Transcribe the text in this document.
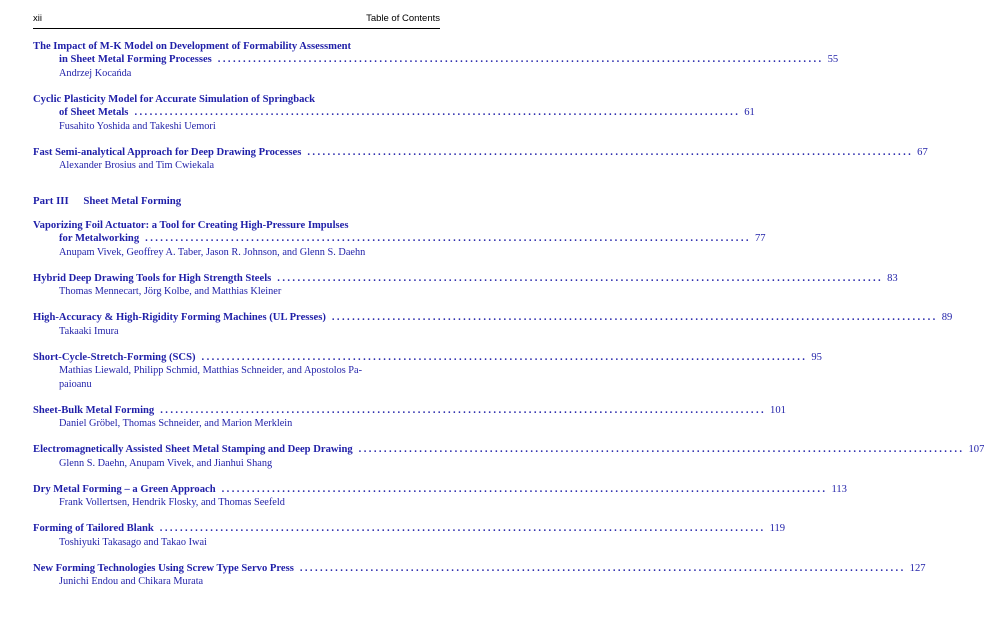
xii	Table of Contents
The Impact of M-K Model on Development of Formability Assessment
in Sheet Metal Forming Processes ........................................................................................................................ 55
Andrzej Kocańda
Cyclic Plasticity Model for Accurate Simulation of Springback
of Sheet Metals ........................................................................................................................ 61
Fusahito Yoshida and Takeshi Uemori
Fast Semi-analytical Approach for Deep Drawing Processes ........................................................................................................................ 67
Alexander Brosius and Tim Cwiekala
Part III Sheet Metal Forming
Vaporizing Foil Actuator: a Tool for Creating High-Pressure Impulses
for Metalworking ........................................................................................................................ 77
Anupam Vivek, Geoffrey A. Taber, Jason R. Johnson, and Glenn S. Daehn
Hybrid Deep Drawing Tools for High Strength Steels ........................................................................................................................ 83
Thomas Mennecart, Jörg Kolbe, and Matthias Kleiner
High-Accuracy & High-Rigidity Forming Machines (UL Presses) ........................................................................................................................ 89
Takaaki Imura
Short-Cycle-Stretch-Forming (SCS) ........................................................................................................................ 95
Mathias Liewald, Philipp Schmid, Matthias Schneider, and Apostolos Pa-
paioanu
Sheet-Bulk Metal Forming ........................................................................................................................ 101
Daniel Gröbel, Thomas Schneider, and Marion Merklein
Electromagnetically Assisted Sheet Metal Stamping and Deep Drawing ........................................................................................................................ 107
Glenn S. Daehn, Anupam Vivek, and Jianhui Shang
Dry Metal Forming – a Green Approach ........................................................................................................................ 113
Frank Vollertsen, Hendrik Flosky, and Thomas Seefeld
Forming of Tailored Blank ........................................................................................................................ 119
Toshiyuki Takasago and Takao Iwai
New Forming Technologies Using Screw Type Servo Press ........................................................................................................................ 127
Junichi Endou and Chikara Murata
